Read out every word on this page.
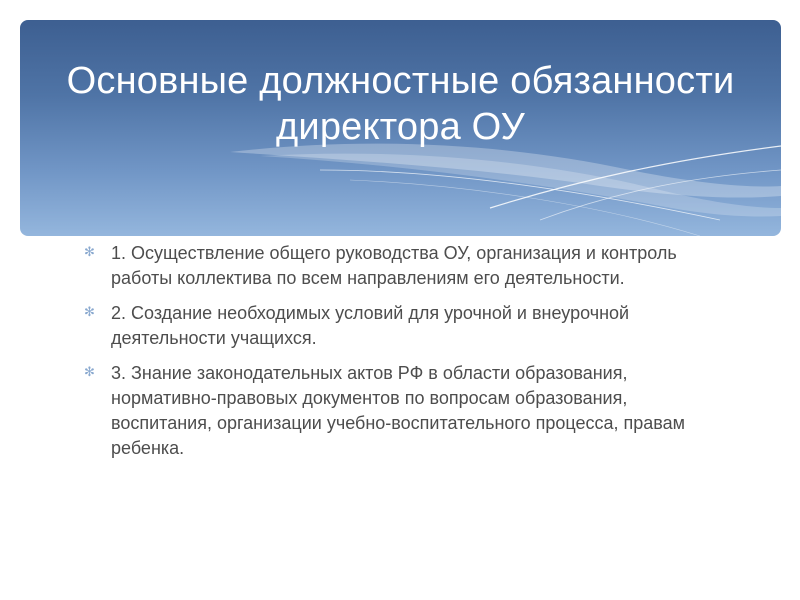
Основные должностные обязанности директора ОУ
✻ 1. Осуществление общего руководства ОУ, организация и контроль работы коллектива по всем направлениям его деятельности.
✻ 2. Создание необходимых условий для урочной и внеурочной деятельности учащихся.
✻ 3. Знание законодательных актов РФ в области образования, нормативно-правовых документов по вопросам образования, воспитания, организации учебно-воспитательного процесса, правам ребенка.
